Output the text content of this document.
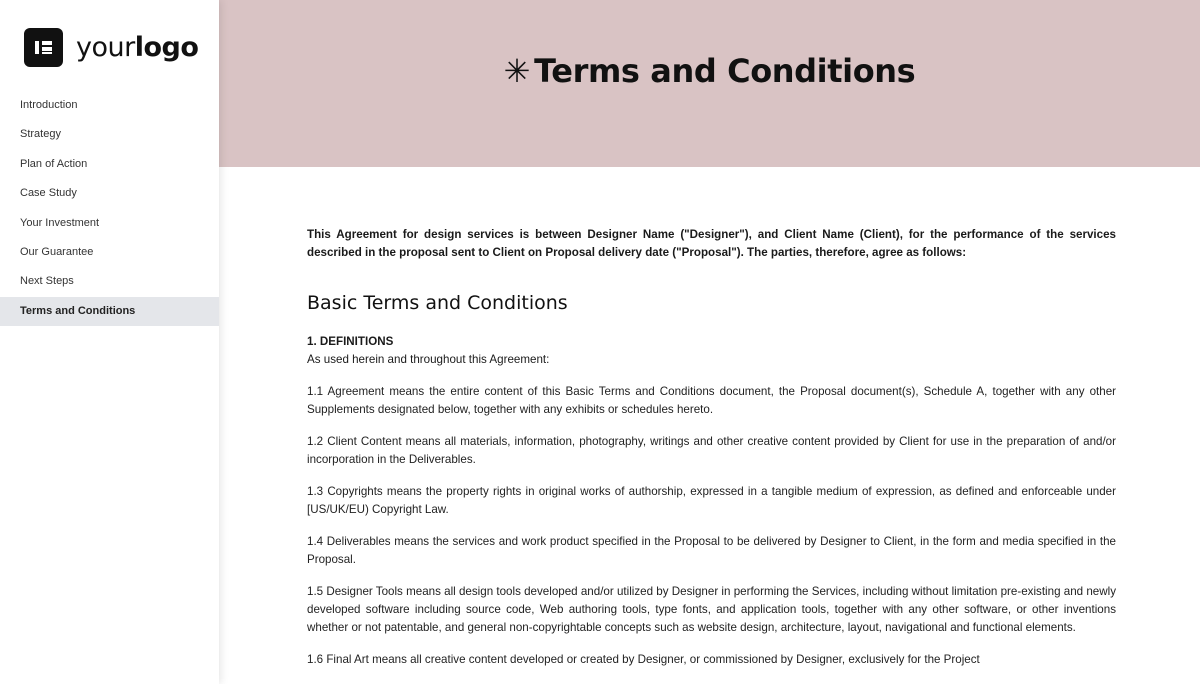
yourlogo
Introduction
Strategy
Plan of Action
Case Study
Your Investment
Our Guarantee
Next Steps
Terms and Conditions
✳ Terms and Conditions

This Agreement for design services is between Designer Name ("Designer"), and Client Name (Client), for the performance of the services described in the proposal sent to Client on Proposal delivery date ("Proposal"). The parties, therefore, agree as follows:

Basic Terms and Conditions

1. DEFINITIONS

As used herein and throughout this Agreement:

1.1 Agreement means the entire content of this Basic Terms and Conditions document, the Proposal document(s), Schedule A, together with any other Supplements designated below, together with any exhibits or schedules hereto.

1.2 Client Content means all materials, information, photography, writings and other creative content provided by Client for use in the preparation of and/or incorporation in the Deliverables.

1.3 Copyrights means the property rights in original works of authorship, expressed in a tangible medium of expression, as defined and enforceable under [US/UK/EU) Copyright Law.

1.4 Deliverables means the services and work product specified in the Proposal to be delivered by Designer to Client, in the form and media specified in the Proposal.

1.5 Designer Tools means all design tools developed and/or utilized by Designer in performing the Services, including without limitation pre-existing and newly developed software including source code, Web authoring tools, type fonts, and application tools, together with any other software, or other inventions whether or not patentable, and general non-copyrightable concepts such as website design, architecture, layout, navigational and functional elements.

1.6 Final Art means all creative content developed or created by Designer, or commissioned by Designer, exclusively for the Project
